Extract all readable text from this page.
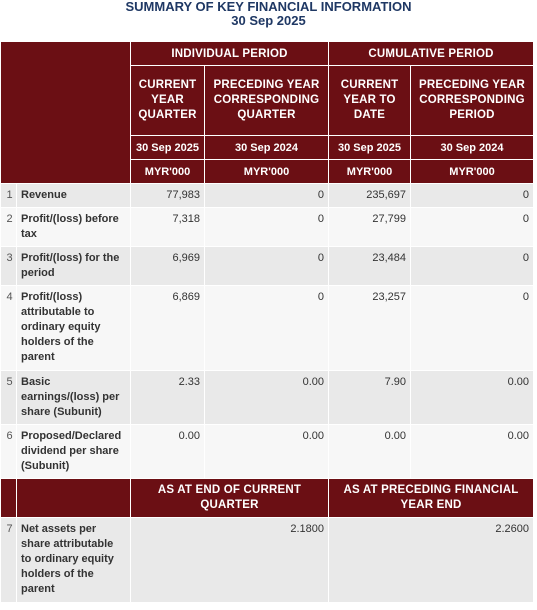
SUMMARY OF KEY FINANCIAL INFORMATION
30 Sep 2025
		INDIVIDUAL PERIOD		CUMULATIVE PERIOD	
		CURRENT YEAR QUARTER	PRECEDING YEAR CORRESPONDING QUARTER	CURRENT YEAR TO DATE	PRECEDING YEAR CORRESPONDING PERIOD
		30 Sep 2025	30 Sep 2024	30 Sep 2025	30 Sep 2024
		MYR'000	MYR'000	MYR'000	MYR'000
1	Revenue	77,983	0	235,697	0
2	Profit/(loss) before tax	7,318	0	27,799	0
3	Profit/(loss) for the period	6,969	0	23,484	0
4	Profit/(loss) attributable to ordinary equity holders of the parent	6,869	0	23,257	0
5	Basic earnings/(loss) per share (Subunit)	2.33	0.00	7.90	0.00
6	Proposed/Declared dividend per share (Subunit)	0.00	0.00	0.00	0.00
		AS AT END OF CURRENT QUARTER		AS AT PRECEDING FINANCIAL YEAR END	
7	Net assets per share attributable to ordinary equity holders of the parent	2.1800		2.2600	
